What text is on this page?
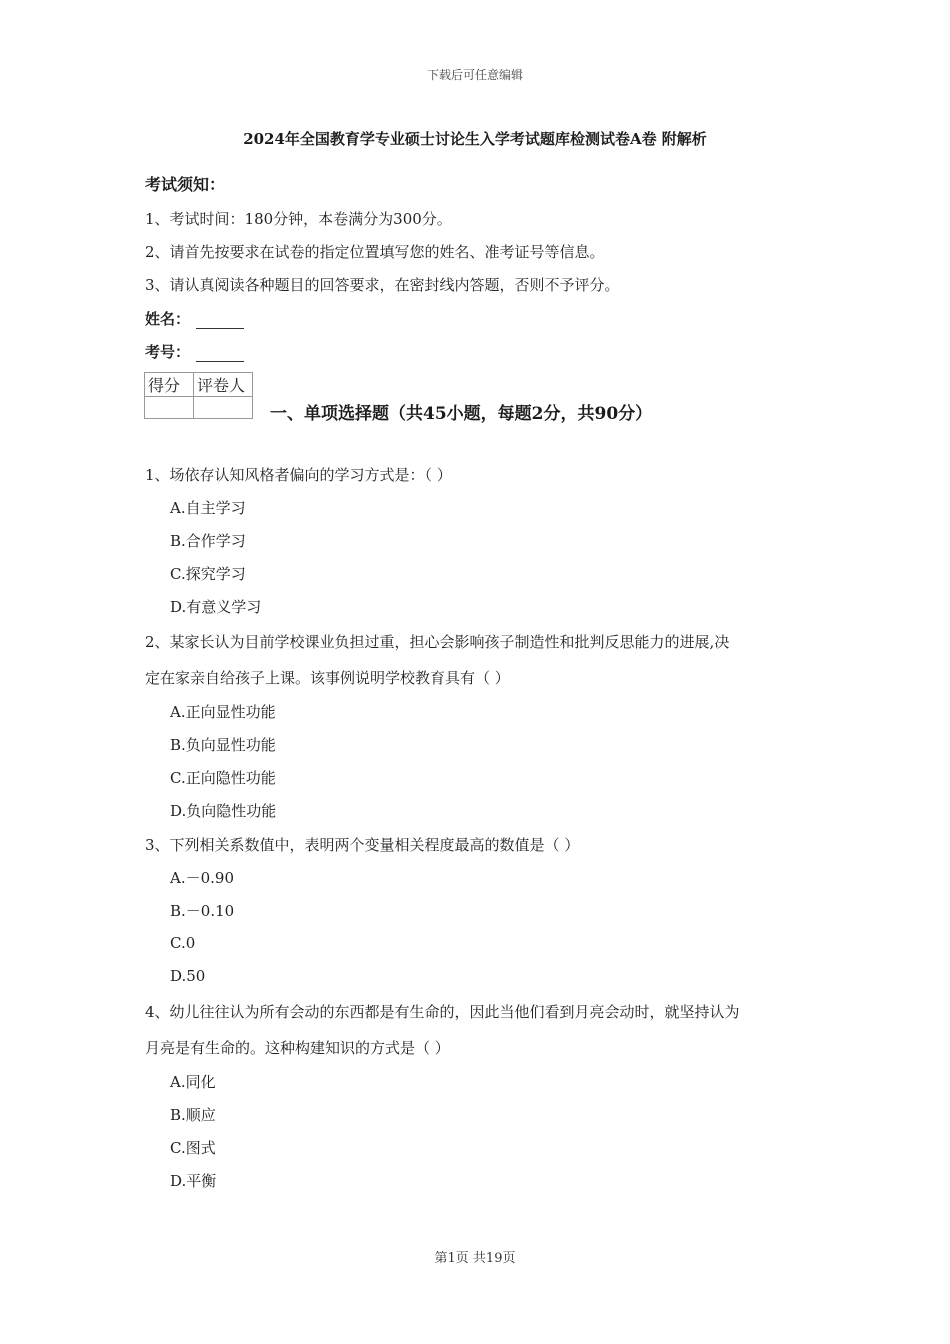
下载后可任意编辑
2024年全国教育学专业硕士讨论生入学考试题库检测试卷A卷 附解析
考试须知：
1、考试时间：180分钟，本卷满分为300分。
2、请首先按要求在试卷的指定位置填写您的姓名、准考证号等信息。
3、请认真阅读各种题目的回答要求，在密封线内答题，否则不予评分。
姓名：
考号：
得分	评卷人

一、单项选择题（共45小题，每题2分，共90分）
1、场依存认知风格者偏向的学习方式是：（ ）
A.自主学习
B.合作学习
C.探究学习
D.有意义学习
2、某家长认为目前学校课业负担过重，担心会影响孩子制造性和批判反思能力的进展,决
定在家亲自给孩子上课。该事例说明学校教育具有（ ）
A.正向显性功能
B.负向显性功能
C.正向隐性功能
D.负向隐性功能
3、下列相关系数值中，表明两个变量相关程度最高的数值是（ ）
A.－0.90
B.－0.10
C.0
D.50
4、幼儿往往认为所有会动的东西都是有生命的，因此当他们看到月亮会动时，就坚持认为
月亮是有生命的。这种构建知识的方式是（ ）
A.同化
B.顺应
C.图式
D.平衡
第1页 共19页
